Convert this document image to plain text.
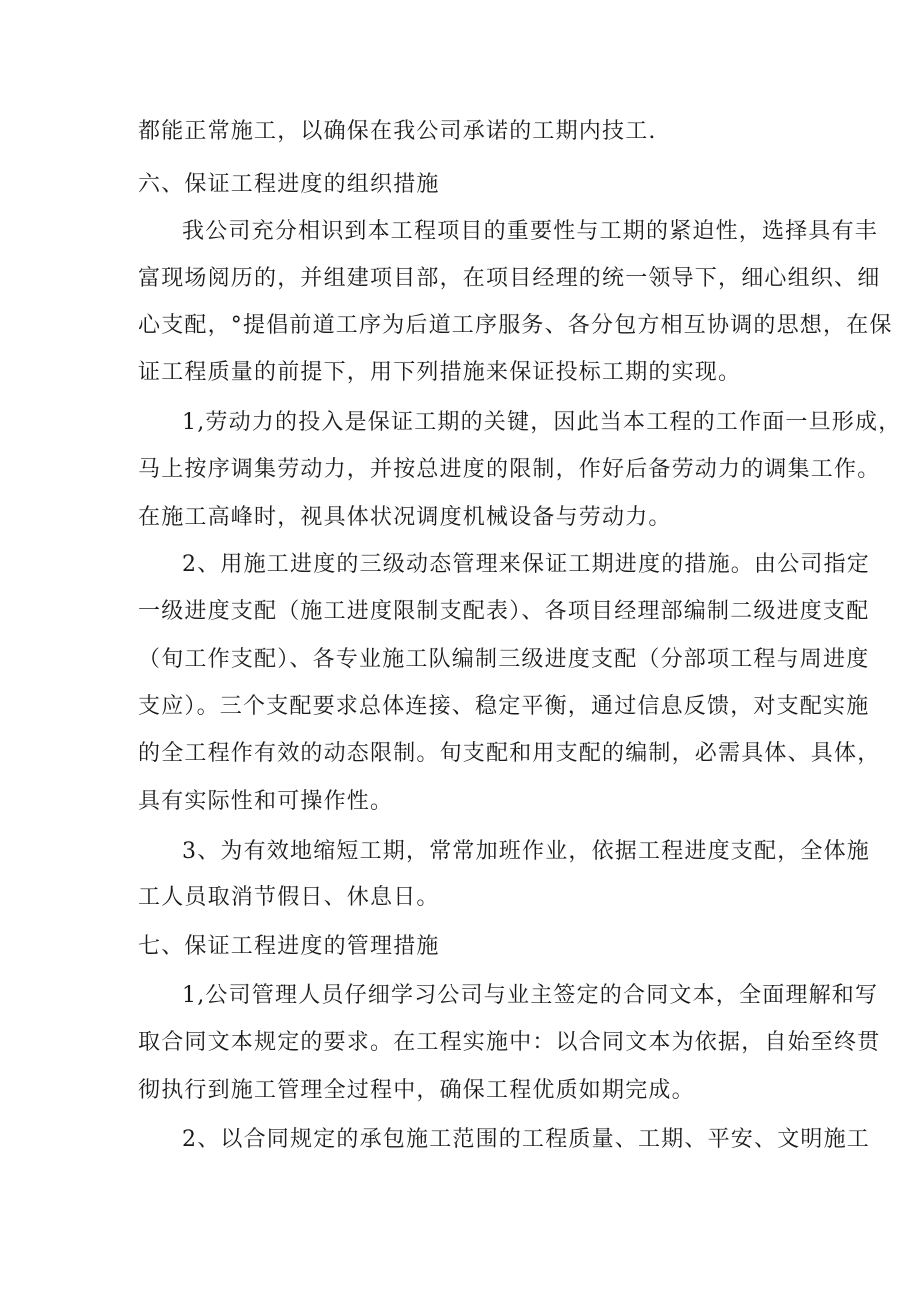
都能正常施工，以确保在我公司承诺的工期内技工.
六、保证工程进度的组织措施
我公司充分相识到本工程项目的重要性与工期的紧迫性，选择具有丰
富现场阅历的，并组建项目部，在项目经理的统一领导下，细心组织、细
心支配，°提倡前道工序为后道工序服务、各分包方相互协调的思想，在保
证工程质量的前提下，用下列措施来保证投标工期的实现。
1,劳动力的投入是保证工期的关键，因此当本工程的工作面一旦形成，
马上按序调集劳动力，并按总进度的限制，作好后备劳动力的调集工作。
在施工高峰时，视具体状况调度机械设备与劳动力。
2、用施工进度的三级动态管理来保证工期进度的措施。由公司指定
一级进度支配（施工进度限制支配表）、各项目经理部编制二级进度支配
（旬工作支配）、各专业施工队编制三级进度支配（分部项工程与周进度
支应）。三个支配要求总体连接、稳定平衡，通过信息反馈，对支配实施
的全工程作有效的动态限制。旬支配和用支配的编制，必需具体、具体，
具有实际性和可操作性。
3、为有效地缩短工期，常常加班作业，依据工程进度支配，全体施
工人员取消节假日、休息日。
七、保证工程进度的管理措施
1,公司管理人员仔细学习公司与业主签定的合同文本，全面理解和写
取合同文本规定的要求。在工程实施中：以合同文本为依据，自始至终贯
彻执行到施工管理全过程中，确保工程优质如期完成。
2、以合同规定的承包施工范围的工程质量、工期、平安、文明施工
